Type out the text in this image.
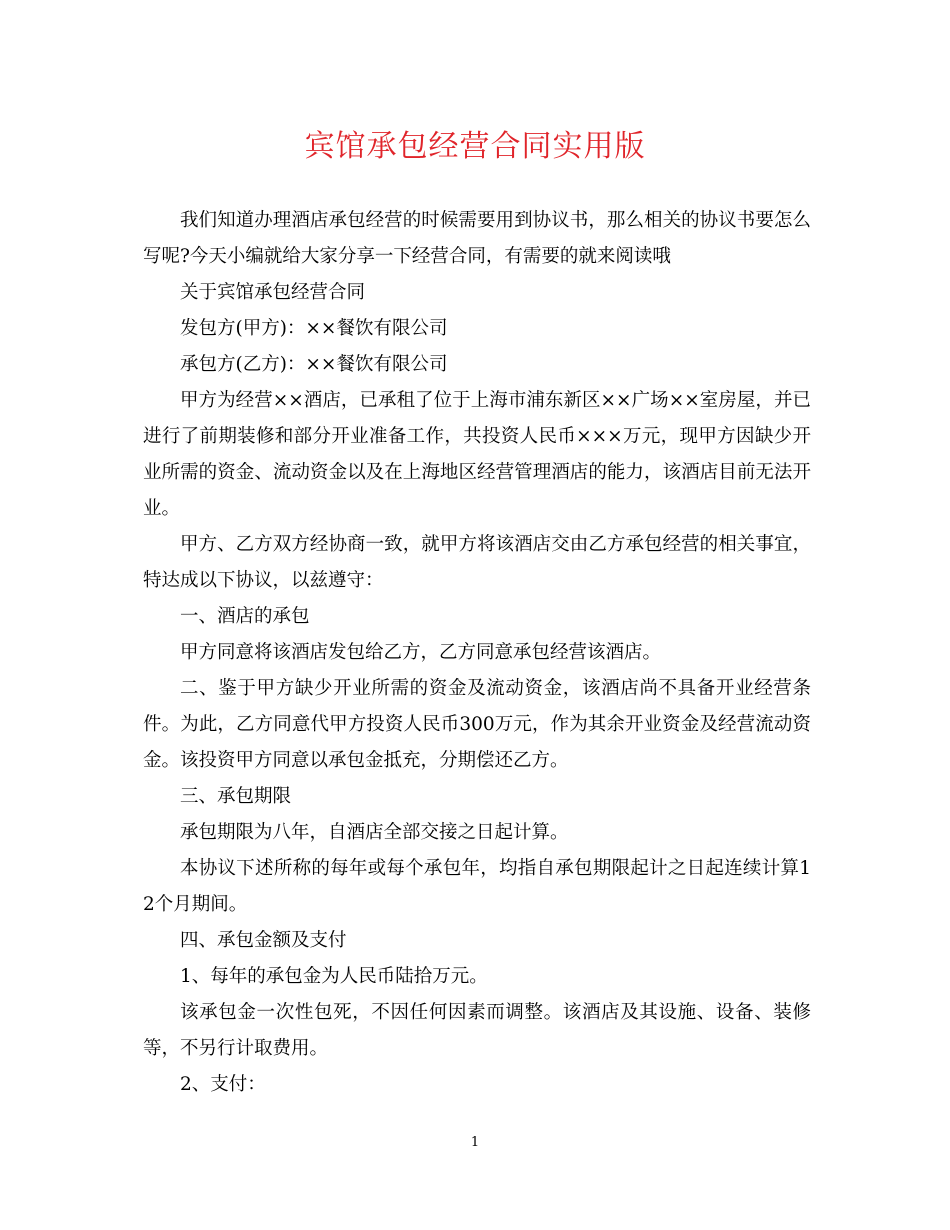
宾馆承包经营合同实用版

我们知道办理酒店承包经营的时候需要用到协议书，那么相关的协议书要怎么写呢?今天小编就给大家分享一下经营合同，有需要的就来阅读哦

关于宾馆承包经营合同

发包方(甲方)：××餐饮有限公司

承包方(乙方)：××餐饮有限公司

甲方为经营××酒店，已承租了位于上海市浦东新区××广场××室房屋，并已进行了前期装修和部分开业准备工作，共投资人民币×××万元，现甲方因缺少开业所需的资金、流动资金以及在上海地区经营管理酒店的能力，该酒店目前无法开业。

甲方、乙方双方经协商一致，就甲方将该酒店交由乙方承包经营的相关事宜，特达成以下协议，以兹遵守：

一、酒店的承包

甲方同意将该酒店发包给乙方，乙方同意承包经营该酒店。

二、鉴于甲方缺少开业所需的资金及流动资金，该酒店尚不具备开业经营条件。为此，乙方同意代甲方投资人民币300万元，作为其余开业资金及经营流动资金。该投资甲方同意以承包金抵充，分期偿还乙方。

三、承包期限

承包期限为八年，自酒店全部交接之日起计算。

本协议下述所称的每年或每个承包年，均指自承包期限起计之日起连续计算12个月期间。

四、承包金额及支付

1、每年的承包金为人民币陆拾万元。

该承包金一次性包死，不因任何因素而调整。该酒店及其设施、设备、装修等，不另行计取费用。

2、支付：

1
